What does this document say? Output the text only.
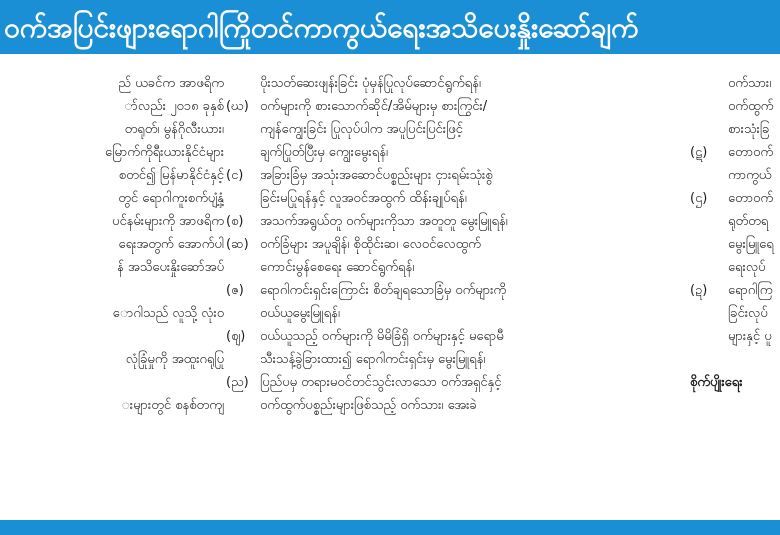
ဝက်အပြင်းဖျားရောဂါကြိုတင်ကာကွယ်ရေးအသိပေးနှိုးဆော်ချက်
ည် ယခင်က အာဖရိက
ာ်လည်း ၂၀၁၈ ခုနှစ်
တရုတ်၊ မွန်ဂိုလီးယား၊
မြောက်ကိုရီးယားနိုင်ငံများ
စတင်၍ မြန်မာနိုင်ငံနှင့်
တွင် ရောဂါကူးစက်ပျံ့နှံ့
ပင်နမ်းများကို အာဖရိက
ရေးအတွက် အောက်ပါ
န် အသိပေးနှိုးဆော်အပ်
ောဂါသည် လူသို့ လုံးဝ
လုံခြုံမှုကို အထူးဂရုပြု
းများတွင် စနစ်တကျ
ပိုးသတ်ဆေးဖျန်းခြင်း ပုံမှန်ပြုလုပ်ဆောင်ရွက်ရန်၊
(ဃ) ဝက်များကို စားသောက်ဆိုင်/အိမ်များမှ စားကြွင်း/
ကျန်ကျွေးခြင်း ပြုလုပ်ပါက အပူပြင်းပြင်းဖြင့်
ချက်ပြုတ်ပြီးမှ ကျွေးမွေးရန်၊
(င)	အခြားခြံမှ အသုံးအဆောင်ပစ္စည်းများ ငှားရမ်းသုံးစွဲ
ခြင်းမပြုရန်နှင့် လူအဝင်အထွက် ထိန်းချုပ်ရန်၊
(စ)	အသက်အရွယ်တူ ဝက်များကိုသာ အတူတူ မွေးမြူရန်၊
(ဆ) ဝက်ခြံများ အပူချိန်၊ စိုထိုင်းဆ၊ လေဝင်လေထွက်
ကောင်းမွန်စေရေး ဆောင်ရွက်ရန်၊
(ဇ)	ရောဂါကင်းရှင်းကြောင်း စိတ်ချရသောခြံမှ ဝက်များကို
ဝယ်ယူမွေးမြူရန်၊
(ဈ)	ဝယ်ယူသည့် ဝက်များကို မိမိခြံရှိ ဝက်များနှင့် မရောမီ
သီးသန့်ခွဲခြားထား၍ ရောဂါကင်းရှင်းမှ မွေးမြူရန်၊
(ည) ပြည်ပမှ တရားမဝင်တင်သွင်းလာသော ဝက်အရှင်နှင့်
ဝက်ထွက်ပစ္စည်းများဖြစ်သည့် ဝက်သား၊ အေးခဲ
ဝက်သား၊
ဝက်ထွက်
စားသုံးခြ
(ဋ)	တောဝက်
ကာကွယ်
(ဌ)	တောဝက်
ရုတ်တရ
မွေးမြူရေ
ရေးလုပ်
(ဍ)	ရောဂါကြ
ခြင်းလုပ်
များနှင့် ပူ
စိုက်ပျိုးရေး
